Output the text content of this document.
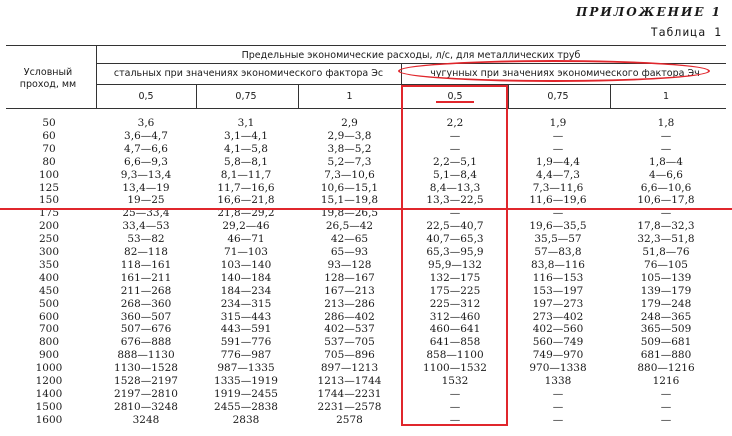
ПРИЛОЖЕНИЕ 1
Таблица 1
Условный проход, мм
Предельные экономические расходы, л/с, для металлических труб
стальных при значениях экономического фактора Эс	чугунных при значениях экономического фактора Эч
0,5	0,75	1	0,5	0,75	1
50	3,6	3,1	2,9	2,2	1,9	1,8
60	3,6—4,7	3,1—4,1	2,9—3,8	—	—	—
70	4,7—6,6	4,1—5,8	3,8—5,2	—	—	—
80	6,6—9,3	5,8—8,1	5,2—7,3	2,2—5,1	1,9—4,4	1,8—4
100	9,3—13,4	8,1—11,7	7,3—10,6	5,1—8,4	4,4—7,3	4—6,6
125	13,4—19	11,7—16,6	10,6—15,1	8,4—13,3	7,3—11,6	6,6—10,6
150	19—25	16,6—21,8	15,1—19,8	13,3—22,5	11,6—19,6	10,6—17,8
175	25—33,4	21,8—29,2	19,8—26,5	—	—	—
200	33,4—53	29,2—46	26,5—42	22,5—40,7	19,6—35,5	17,8—32,3
250	53—82	46—71	42—65	40,7—65,3	35,5—57	32,3—51,8
300	82—118	71—103	65—93	65,3—95,9	57—83,8	51,8—76
350	118—161	103—140	93—128	95,9—132	83,8—116	76—105
400	161—211	140—184	128—167	132—175	116—153	105—139
450	211—268	184—234	167—213	175—225	153—197	139—179
500	268—360	234—315	213—286	225—312	197—273	179—248
600	360—507	315—443	286—402	312—460	273—402	248—365
700	507—676	443—591	402—537	460—641	402—560	365—509
800	676—888	591—776	537—705	641—858	560—749	509—681
900	888—1130	776—987	705—896	858—1100	749—970	681—880
1000	1130—1528	987—1335	897—1213	1100—1532	970—1338	880—1216
1200	1528—2197	1335—1919	1213—1744	1532	1338	1216
1400	2197—2810	1919—2455	1744—2231	—	—	—
1500	2810—3248	2455—2838	2231—2578	—	—	—
1600	3248	2838	2578	—	—	—
